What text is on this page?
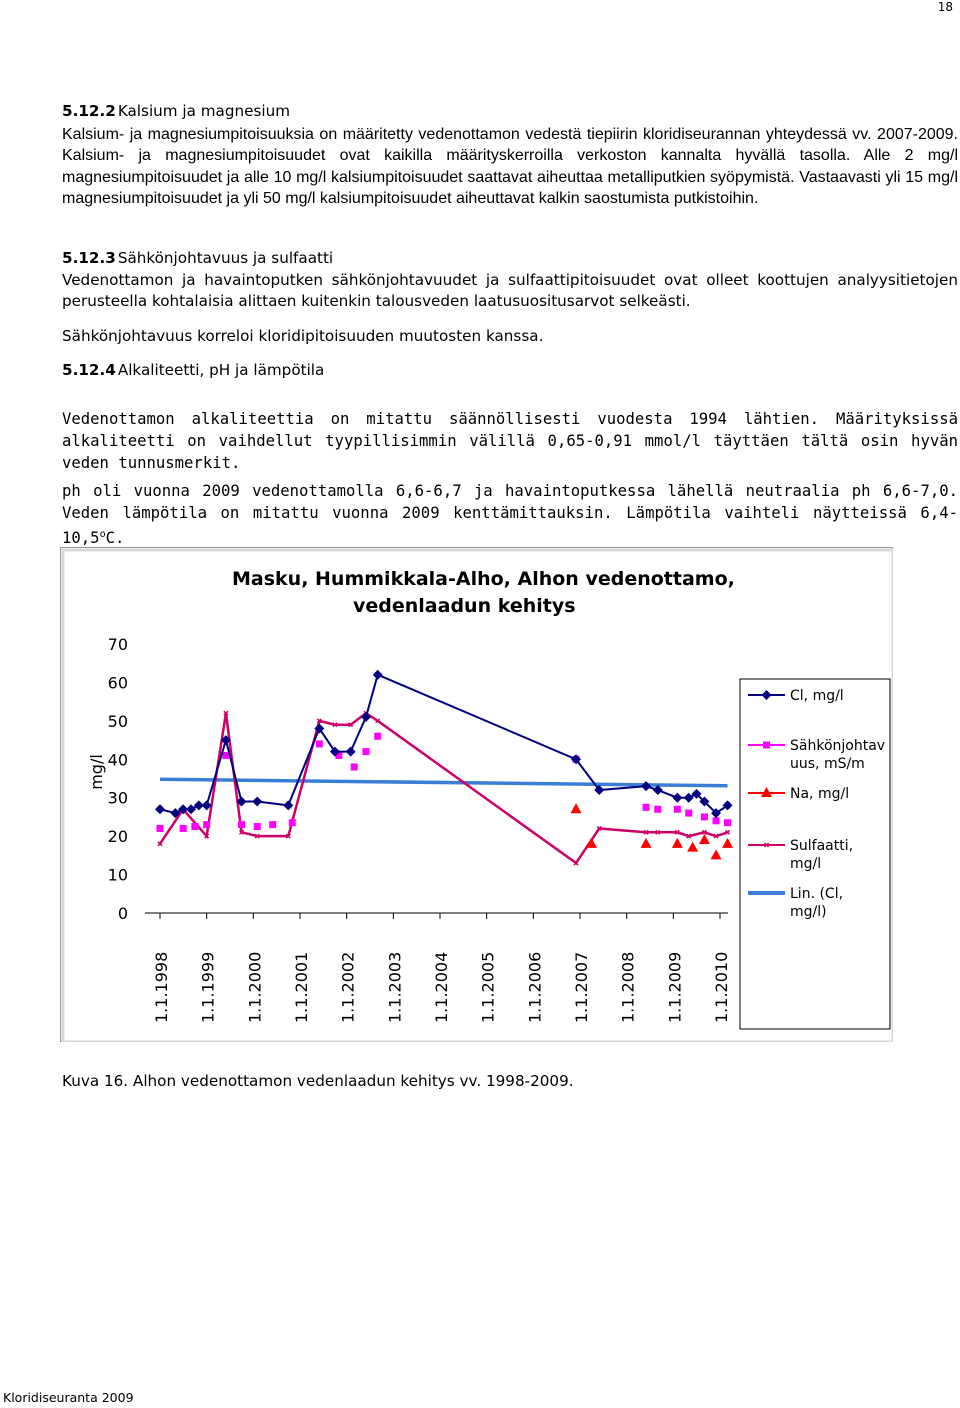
18
5.12.2 Kalsium ja magnesium
Kalsium- ja magnesiumpitoisuuksia on määritetty vedenottamon vedestä tiepiirin kloridiseurannan yhteydessä vv. 2007-2009. Kalsium- ja magnesiumpitoisuudet ovat kaikilla määrityskerroilla verkoston kannalta hyvällä tasolla. Alle 2 mg/l magnesiumpitoisuudet ja alle 10 mg/l kalsiumpitoisuudet saattavat aiheuttaa metalliputkien syöpymistä. Vastaavasti yli 15 mg/l magnesiumpitoisuudet ja yli 50 mg/l kalsiumpitoisuudet aiheuttavat kalkin saostumista putkistoihin.
5.12.3 Sähkönjohtavuus ja sulfaatti
Vedenottamon ja havaintoputken sähkönjohtavuudet ja sulfaattipitoisuudet ovat olleet koottujen analyysitietojen perusteella kohtalaisia alittaen kuitenkin talousveden laatusuositusarvot selkeästi.
Sähkönjohtavuus korreloi kloridipitoisuuden muutosten kanssa.
5.12.4 Alkaliteetti, pH ja lämpötila
Vedenottamon alkaliteettia on mitattu säännöllisesti vuodesta 1994 lähtien. Määrityksissä alkaliteetti on vaihdellut tyypillisimmin välillä 0,65-0,91 mmol/l täyttäen tältä osin hyvän veden tunnusmerkit.
ph oli vuonna 2009 vedenottamolla 6,6-6,7 ja havaintoputkessa lähellä neutraalia ph 6,6-7,0. Veden lämpötila on mitattu vuonna 2009 kenttämittauksin. Lämpötila vaihteli näytteissä 6,4-10,5$^o$C.
Masku, Hummikkala-Alho, Alhon vedenottamo,
vedenlaadun kehitys
mg/l
0
10
20
30
40
50
60
70
1.1.1998 1.1.1999 1.1.2000 1.1.2001 1.1.2002 1.1.2003 1.1.2004 1.1.2005 1.1.2006 1.1.2007 1.1.2008 1.1.2009 1.1.2010
Cl, mg/l
Sähkönjohtav
uus, mS/m
Na, mg/l
Sulfaatti,
mg/l
Lin. (Cl,
mg/l)
Kuva 16. Alhon vedenottamon vedenlaadun kehitys vv. 1998-2009.
Kloridiseuranta 2009
